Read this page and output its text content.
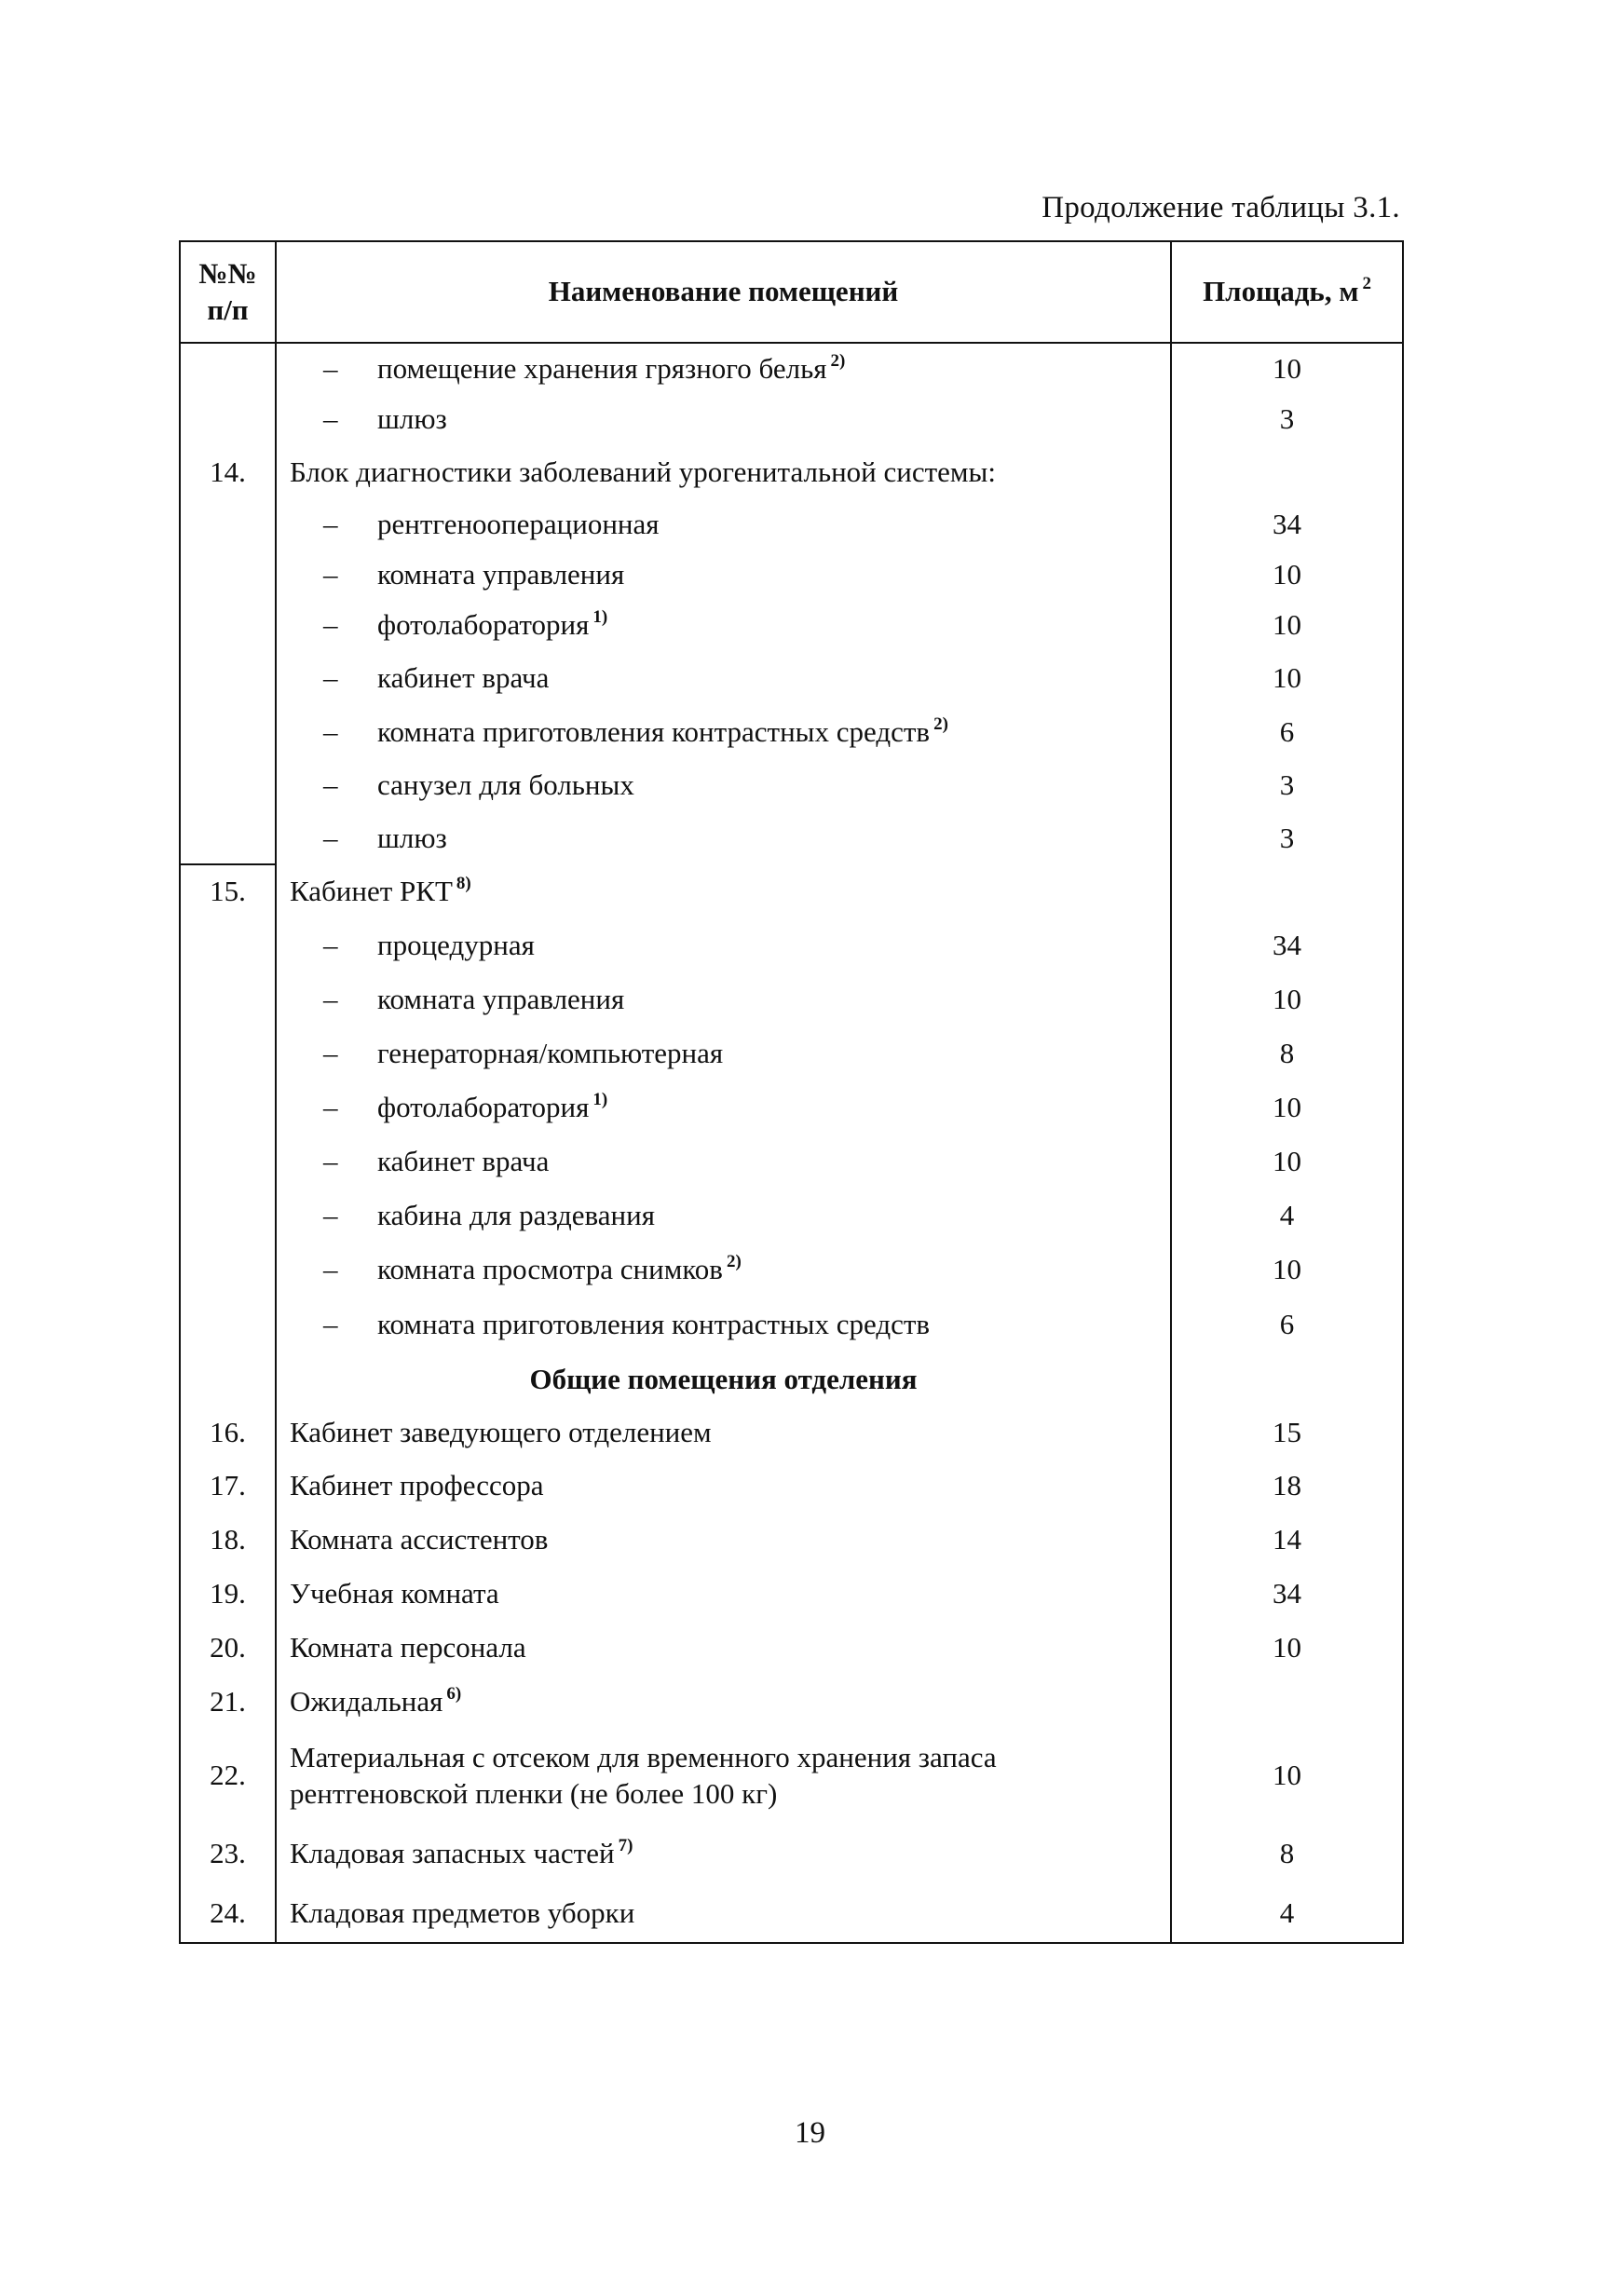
Продолжение таблицы 3.1.
№№ п/п	Наименование помещений	Площадь, м $^2$
	– помещение хранения грязного белья $^{2)}$	10
	– шлюз	3
14.	Блок диагностики заболеваний урогенитальной системы:	
	– рентгенооперационная	34
	– комната управления	10
	– фотолаборатория $^{1)}$	10
	– кабинет врача	10
	– комната приготовления контрастных средств $^{2)}$	6
	– санузел для больных	3
	– шлюз	3
15.	Кабинет РКТ $^{8)}$	
	– процедурная	34
	– комната управления	10
	– генераторная/компьютерная	8
	– фотолаборатория $^{1)}$	10
	– кабинет врача	10
	– кабина для раздевания	4
	– комната просмотра снимков $^{2)}$	10
	– комната приготовления контрастных средств	6
	Общие помещения отделения	
16.	Кабинет заведующего отделением	15
17.	Кабинет профессора	18
18.	Комната ассистентов	14
19.	Учебная комната	34
20.	Комната персонала	10
21.	Ожидальная $^{6)}$	
22.	Материальная с отсеком для временного хранения запаса рентгеновской пленки (не более 100 кг)	10
23.	Кладовая запасных частей $^{7)}$	8
24.	Кладовая предметов уборки	4
19
